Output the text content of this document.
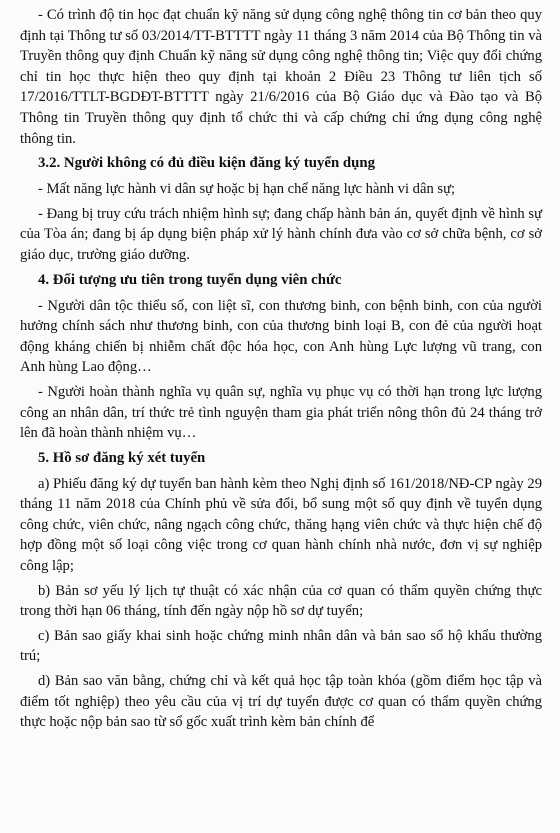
- Có trình độ tin học đạt chuẩn kỹ năng sử dụng công nghệ thông tin cơ bản theo quy định tại Thông tư số 03/2014/TT-BTTTT ngày 11 tháng 3 năm 2014 của Bộ Thông tin và Truyền thông quy định Chuẩn kỹ năng sử dụng công nghệ thông tin; Việc quy đổi chứng chỉ tin học thực hiện theo quy định tại khoản 2 Điều 23 Thông tư liên tịch số 17/2016/TTLT-BGDĐT-BTTTT ngày 21/6/2016 của Bộ Giáo dục và Đào tạo và Bộ Thông tin Truyền thông quy định tổ chức thi và cấp chứng chỉ ứng dụng công nghệ thông tin.

3.2. Người không có đủ điều kiện đăng ký tuyển dụng

- Mất năng lực hành vi dân sự hoặc bị hạn chế năng lực hành vi dân sự;

- Đang bị truy cứu trách nhiệm hình sự; đang chấp hành bản án, quyết định về hình sự của Tòa án; đang bị áp dụng biện pháp xử lý hành chính đưa vào cơ sở chữa bệnh, cơ sở giáo dục, trường giáo dưỡng.

4. Đối tượng ưu tiên trong tuyển dụng viên chức

- Người dân tộc thiểu số, con liệt sĩ, con thương binh, con bệnh binh, con của người hưởng chính sách như thương binh, con của thương binh loại B, con đẻ của người hoạt động kháng chiến bị nhiễm chất độc hóa học, con Anh hùng Lực lượng vũ trang, con Anh hùng Lao động…

- Người hoàn thành nghĩa vụ quân sự, nghĩa vụ phục vụ có thời hạn trong lực lượng công an nhân dân, trí thức trẻ tình nguyện tham gia phát triển nông thôn đủ 24 tháng trở lên đã hoàn thành nhiệm vụ…

5. Hồ sơ đăng ký xét tuyển

a) Phiếu đăng ký dự tuyển ban hành kèm theo Nghị định số 161/2018/NĐ-CP ngày 29 tháng 11 năm 2018 của Chính phủ về sửa đổi, bổ sung một số quy định về tuyển dụng công chức, viên chức, nâng ngạch công chức, thăng hạng viên chức và thực hiện chế độ hợp đồng một số loại công việc trong cơ quan hành chính nhà nước, đơn vị sự nghiệp công lập;

b) Bản sơ yếu lý lịch tự thuật có xác nhận của cơ quan có thẩm quyền chứng thực trong thời hạn 06 tháng, tính đến ngày nộp hồ sơ dự tuyển;

c) Bản sao giấy khai sinh hoặc chứng minh nhân dân và bản sao sổ hộ khẩu thường trú;

d) Bản sao văn bằng, chứng chỉ và kết quả học tập toàn khóa (gồm điểm học tập và điểm tốt nghiệp) theo yêu cầu của vị trí dự tuyển được cơ quan có thẩm quyền chứng thực hoặc nộp bản sao từ sổ gốc xuất trình kèm bản chính để
